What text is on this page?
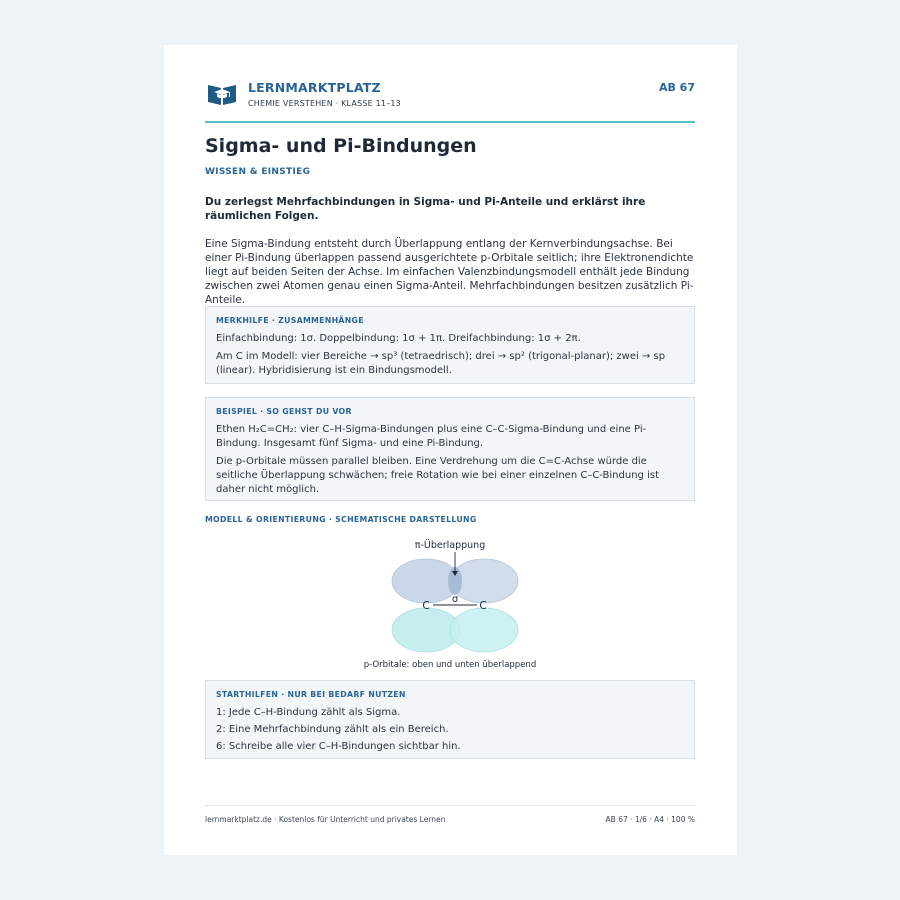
LERNMARKTPLATZ
CHEMIE VERSTEHEN · KLASSE 11–13
AB 67
Sigma- und Pi-Bindungen
WISSEN & EINSTIEG
Du zerlegst Mehrfachbindungen in Sigma- und Pi-Anteile und erklärst ihre räumlichen Folgen.
Eine Sigma-Bindung entsteht durch Überlappung entlang der Kernverbindungsachse. Bei einer Pi-Bindung überlappen passend ausgerichtete p-Orbitale seitlich; ihre Elektronendichte liegt auf beiden Seiten der Achse. Im einfachen Valenzbindungsmodell enthält jede Bindung zwischen zwei Atomen genau einen Sigma-Anteil. Mehrfachbindungen besitzen zusätzlich Pi-Anteile.
MERKHILFE · ZUSAMMENHÄNGE
Einfachbindung: 1σ. Doppelbindung: 1σ + 1π. Dreifachbindung: 1σ + 2π.
Am C im Modell: vier Bereiche → sp³ (tetraedrisch); drei → sp² (trigonal-planar); zwei → sp (linear). Hybridisierung ist ein Bindungsmodell.
BEISPIEL · SO GEHST DU VOR
Ethen H₂C=CH₂: vier C–H-Sigma-Bindungen plus eine C–C-Sigma-Bindung und eine Pi-Bindung. Insgesamt fünf Sigma- und eine Pi-Bindung.
Die p-Orbitale müssen parallel bleiben. Eine Verdrehung um die C=C-Achse würde die seitliche Überlappung schwächen; freie Rotation wie bei einer einzelnen C–C-Bindung ist daher nicht möglich.
MODELL & ORIENTIERUNG · SCHEMATISCHE DARSTELLUNG
π-Überlappung
σ
C	C
p-Orbitale: oben und unten überlappend
STARTHILFEN · NUR BEI BEDARF NUTZEN
1: Jede C–H-Bindung zählt als Sigma.
2: Eine Mehrfachbindung zählt als ein Bereich.
6: Schreibe alle vier C–H-Bindungen sichtbar hin.
lernmarktplatz.de · Kostenlos für Unterricht und privates Lernen	AB 67 · 1/6 · A4 · 100 %
